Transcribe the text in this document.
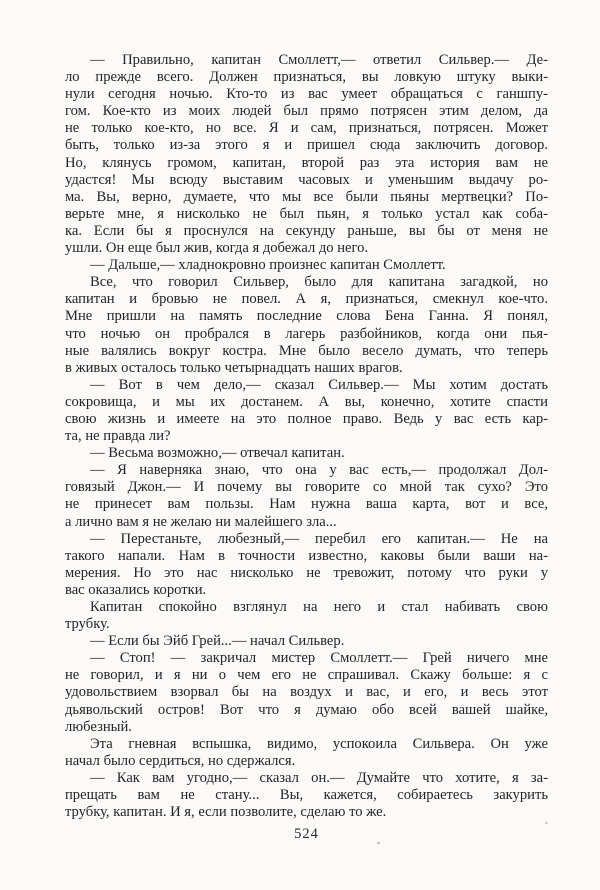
— Правильно, капитан Смоллетт,— ответил Сильвер.— Де-
ло прежде всего. Должен признаться, вы ловкую штуку выки-
нули сегодня ночью. Кто-то из вас умеет обращаться с ганшпу-
гом. Кое-кто из моих людей был прямо потрясен этим делом, да
не только кое-кто, но все. Я и сам, признаться, потрясен. Может
быть, только из-за этого я и пришел сюда заключить договор.
Но, клянусь громом, капитан, второй раз эта история вам не
удастся! Мы всюду выставим часовых и уменьшим выдачу ро-
ма. Вы, верно, думаете, что мы все были пьяны мертвецки? По-
верьте мне, я нисколько не был пьян, я только устал как соба-
ка. Если бы я проснулся на секунду раньше, вы бы от меня не
ушли. Он еще был жив, когда я добежал до него.
— Дальше,— хладнокровно произнес капитан Смоллетт.
Все, что говорил Сильвер, было для капитана загадкой, но
капитан и бровью не повел. А я, признаться, смекнул кое-что.
Мне пришли на память последние слова Бена Ганна. Я понял,
что ночью он пробрался в лагерь разбойников, когда они пья-
ные валялись вокруг костра. Мне было весело думать, что теперь
в живых осталось только четырнадцать наших врагов.
— Вот в чем дело,— сказал Сильвер.— Мы хотим достать
сокровища, и мы их достанем. А вы, конечно, хотите спасти
свою жизнь и имеете на это полное право. Ведь у вас есть кар-
та, не правда ли?
— Весьма возможно,— отвечал капитан.
— Я наверняка знаю, что она у вас есть,— продолжал Дол-
говязый Джон.— И почему вы говорите со мной так сухо? Это
не принесет вам пользы. Нам нужна ваша карта, вот и все,
а лично вам я не желаю ни малейшего зла...
— Перестаньте, любезный,— перебил его капитан.— Не на
такого напали. Нам в точности известно, каковы были ваши на-
мерения. Но это нас нисколько не тревожит, потому что руки у
вас оказались коротки.
Капитан спокойно взглянул на него и стал набивать свою
трубку.
— Если бы Эйб Грей...— начал Сильвер.
— Стоп! — закричал мистер Смоллетт.— Грей ничего мне
не говорил, и я ни о чем его не спрашивал. Скажу больше: я с
удовольствием взорвал бы на воздух и вас, и его, и весь этот
дьявольский остров! Вот что я думаю обо всей вашей шайке,
любезный.
Эта гневная вспышка, видимо, успокоила Сильвера. Он уже
начал было сердиться, но сдержался.
— Как вам угодно,— сказал он.— Думайте что хотите, я за-
прещать вам не стану... Вы, кажется, собираетесь закурить
трубку, капитан. И я, если позволите, сделаю то же.
524
